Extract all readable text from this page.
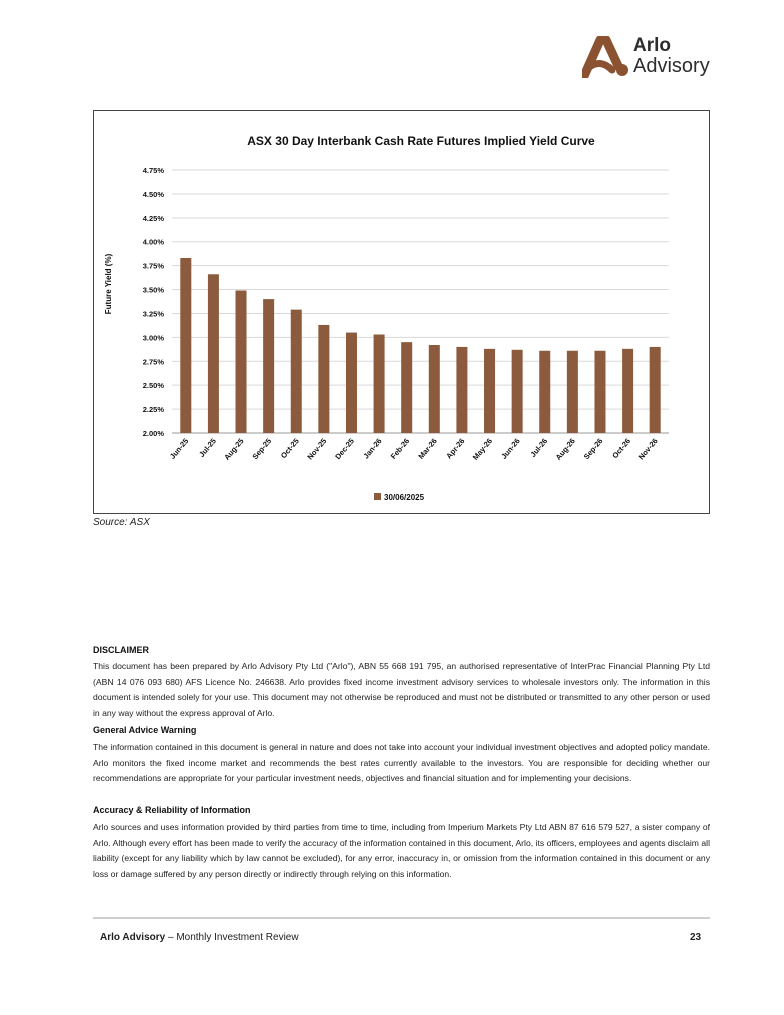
Arlo
Advisory
ASX 30 Day Interbank Cash Rate Futures Implied Yield Curve
Future Yield (%)
2.00%
2.25%
2.50%
2.75%
3.00%
3.25%
3.50%
3.75%
4.00%
4.25%
4.50%
4.75%
Jun-25 Jul-25 Aug-25 Sep-25 Oct-25 Nov-25 Dec-25 Jan-26 Feb-26 Mar-26 Apr-26 May-26 Jun-26 Jul-26 Aug-26 Sep-26 Oct-26 Nov-26
30/06/2025
Source: ASX
DISCLAIMER

This document has been prepared by Arlo Advisory Pty Ltd ("Arlo"), ABN 55 668 191 795, an authorised representative of InterPrac Financial Planning Pty Ltd (ABN 14 076 093 680) AFS Licence No. 246638. Arlo provides fixed income investment advisory services to wholesale investors only. The information in this document is intended solely for your use. This document may not otherwise be reproduced and must not be distributed or transmitted to any other person or used in any way without the express approval of Arlo.

General Advice Warning

The information contained in this document is general in nature and does not take into account your individual investment objectives and adopted policy mandate. Arlo monitors the fixed income market and recommends the best rates currently available to the investors. You are responsible for deciding whether our recommendations are appropriate for your particular investment needs, objectives and financial situation and for implementing your decisions.

Accuracy & Reliability of Information

Arlo sources and uses information provided by third parties from time to time, including from Imperium Markets Pty Ltd ABN 87 616 579 527, a sister company of Arlo. Although every effort has been made to verify the accuracy of the information contained in this document, Arlo, its officers, employees and agents disclaim all liability (except for any liability which by law cannot be excluded), for any error, inaccuracy in, or omission from the information contained in this document or any loss or damage suffered by any person directly or indirectly through relying on this information.

Arlo Advisory – Monthly Investment Review	23
